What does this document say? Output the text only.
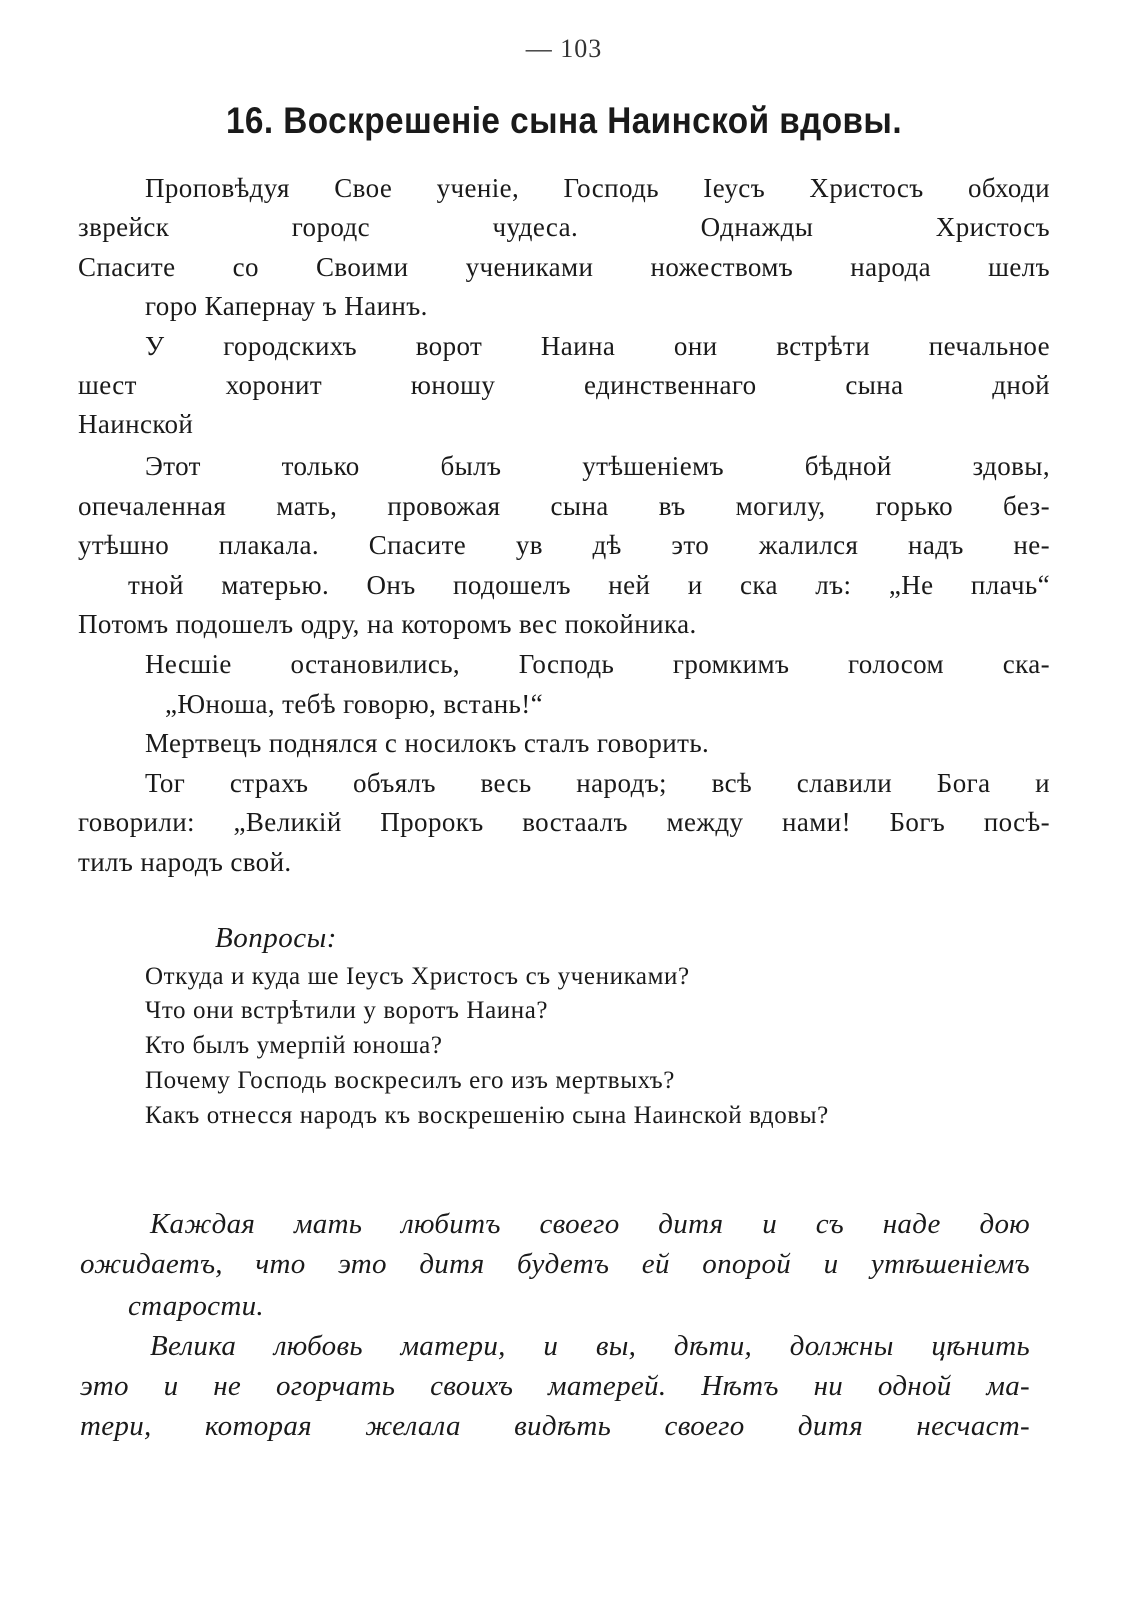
— 103
16. Воскрешеніе сына Наинской вдовы.
Проповѣдуя Свое ученіе, Господь Іеусъ Христосъ обходи
зврейск городс чудеса. Однажды Христосъ
Спасите со Своими учениками ножествомъ народа шелъ
горо Капернау ъ Наинъ.
У городскихъ ворот Наина они встрѣти печальное
шест хоронит юношу единственнаго сына дной
Наинской
Этот только былъ утѣшеніемъ бѣдной здовы,
опечаленная мать, провожая сына въ могилу, горько без-
утѣшно плакала. Спасите ув дѣ это жалился надъ не-
тной матерью. Онъ подошелъ ней и ска лъ: „Не плачь“
Потомъ подошелъ одру, на которомъ вес покойника.
Несшіе остановились, Господь громкимъ голосом ска-
„Юноша, тебѣ говорю, встань!“
Мертвецъ поднялся с носилокъ сталъ говорить.
Тог страхъ объялъ весь народъ; всѣ славили Бога и
говорили: „Великій Пророкъ востаалъ между нами! Богъ посѣ-
тилъ народъ свой.
Вопросы:
Откуда и куда ше Іеусъ Христосъ съ учениками?
Что они встрѣтили у воротъ Наина?
Кто былъ умерпій юноша?
Почему Господь воскресилъ его изъ мертвыхъ?
Какъ отнесся народъ къ воскрешенію сына Наинской вдовы?
Каждая мать любитъ своего дитя и съ наде дою
ожидаетъ, что это дитя будетъ ей опорой и утѣшеніемъ
старости.
Велика любовь матери, и вы, дѣти, должны цѣнить
это и не огорчать своихъ матерей. Нѣтъ ни одной ма-
тери, которая желала видѣть своего дитя несчаст-
